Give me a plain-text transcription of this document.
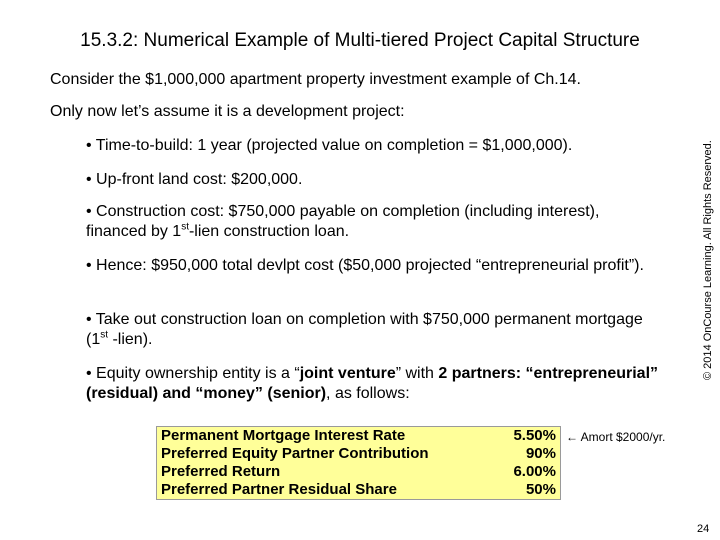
15.3.2: Numerical Example of Multi-tiered Project Capital Structure
Consider the $1,000,000 apartment property investment example of Ch.14.
Only now let’s assume it is a development project:
• Time-to-build: 1 year (projected value on completion = $1,000,000).
• Up-front land cost: $200,000.
• Construction cost: $750,000 payable on completion (including interest), financed by 1st-lien construction loan.
• Hence: $950,000 total devlpt cost ($50,000 projected “entrepreneurial profit”).
• Take out construction loan on completion with $750,000 permanent mortgage (1st -lien).
• Equity ownership entity is a “joint venture” with 2 partners: “entrepreneurial” (residual) and “money” (senior), as follows:
Permanent Mortgage Interest Rate	5.50%
Preferred Equity Partner Contribution	90%
Preferred Return	6.00%
Preferred Partner Residual Share	50%
← Amort $2000/yr.
© 2014 OnCourse Learning. All Rights Reserved.
24
